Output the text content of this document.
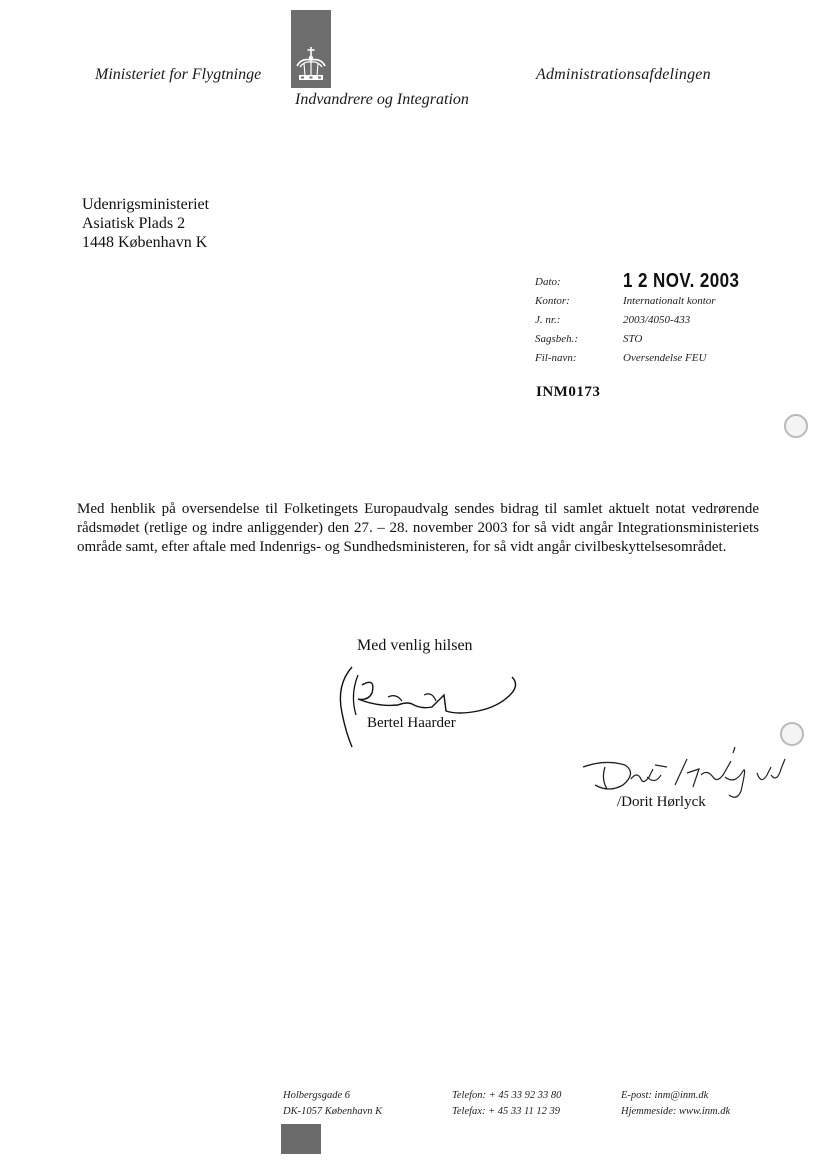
Ministeriet for Flygtninge
Indvandrere og Integration
Administrationsafdelingen
Udenrigsministeriet
Asiatisk Plads 2
1448 København K
Dato:	1 2 NOV. 2003
Kontor:	Internationalt kontor
J. nr.:	2003/4050-433
Sagsbeh.:	STO
Fil-navn:	Oversendelse FEU
INM0173
Med henblik på oversendelse til Folketingets Europaudvalg sendes bidrag til samlet aktuelt notat vedrørende rådsmødet (retlige og indre anliggender) den 27. – 28. november 2003 for så vidt angår Integrationsministeriets område samt, efter aftale med Indenrigs- og Sundhedsministeren, for så vidt angår civilbeskyttelsesområdet.
Med venlig hilsen
Bertel Haarder
/Dorit Hørlyck
Holbergsgade 6
DK-1057 København K
Telefon: + 45 33 92 33 80
Telefax: + 45 33 11 12 39
E-post: inm@inm.dk
Hjemmeside: www.inm.dk
